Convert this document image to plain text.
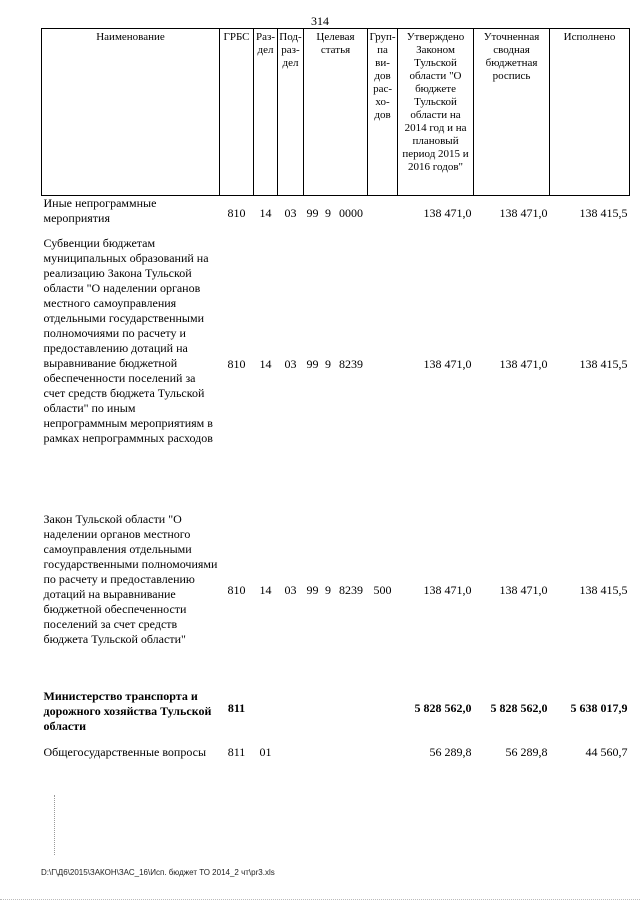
314
Наименование	ГРБС	Раз-дел	Под-раз-дел	Целевая статья			Груп-па ви-дов рас-хо-дов	Утверждено Законом Тульской области "О бюджете Тульской области на 2014 год и на плановый период 2015 и 2016 годов"	Уточненная сводная бюджетная роспись	Исполнено
Иные непрограммные мероприятия	810	14	03	99	9	0000		138 471,0	138 471,0	138 415,5
Субвенции бюджетам муниципальных образований на реализацию Закона Тульской области "О наделении органов местного самоуправления отдельными государственными полномочиями по расчету и предоставлению дотаций на выравнивание бюджетной обеспеченности поселений за счет средств бюджета Тульской области" по иным непрограммным мероприятиям в рамках непрограммных расходов	810	14	03	99	9	8239		138 471,0	138 471,0	138 415,5
Закон Тульской области "О наделении органов местного самоуправления отдельными государственными полномочиями по расчету и предоставлению дотаций на выравнивание бюджетной обеспеченности поселений за счет средств бюджета Тульской области"	810	14	03	99	9	8239	500	138 471,0	138 471,0	138 415,5
Министерство транспорта и дорожного хозяйства Тульской области	811							5 828 562,0	5 828 562,0	5 638 017,9
Общегосударственные вопросы	811	01						56 289,8	56 289,8	44 560,7
D:\Г\Д6\2015\ЗАКОН\ЗАС_16\Исп. бюджет ТО 2014_2 чт\pr3.xls
